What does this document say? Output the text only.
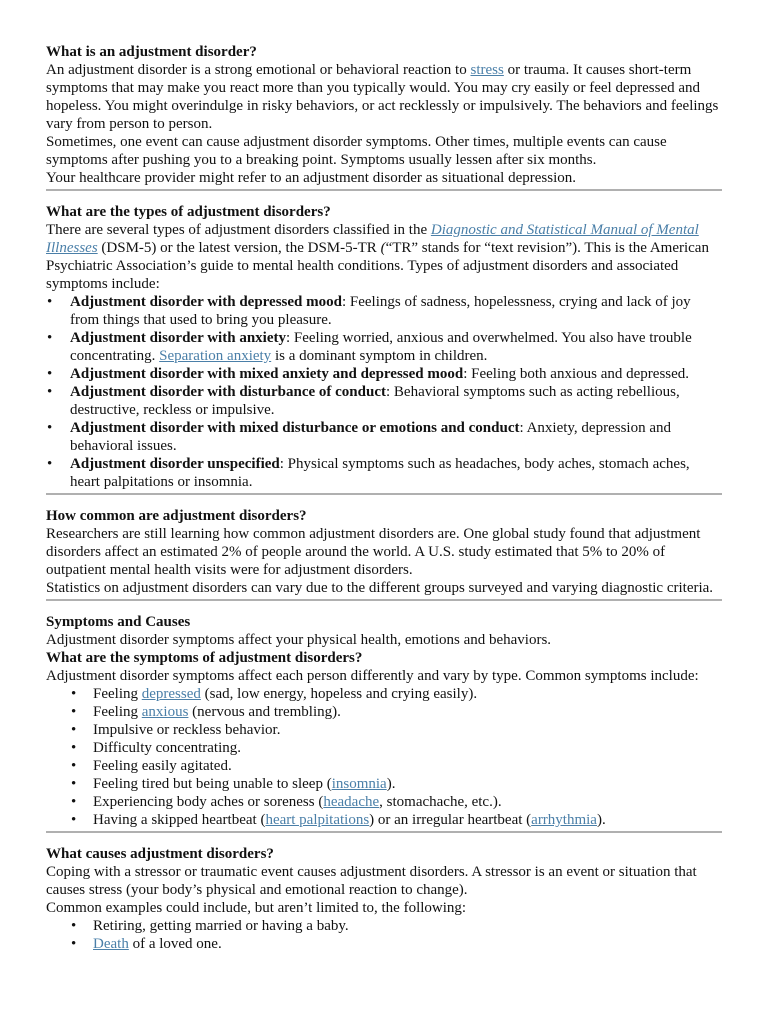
What is an adjustment disorder?
An adjustment disorder is a strong emotional or behavioral reaction to stress or trauma. It causes short-term symptoms that may make you react more than you typically would. You may cry easily or feel depressed and hopeless. You might overindulge in risky behaviors, or act recklessly or impulsively. The behaviors and feelings vary from person to person.
Sometimes, one event can cause adjustment disorder symptoms. Other times, multiple events can cause symptoms after pushing you to a breaking point. Symptoms usually lessen after six months.
Your healthcare provider might refer to an adjustment disorder as situational depression.
What are the types of adjustment disorders?
There are several types of adjustment disorders classified in the Diagnostic and Statistical Manual of Mental Illnesses (DSM-5) or the latest version, the DSM-5-TR (“TR” stands for “text revision”). This is the American Psychiatric Association’s guide to mental health conditions. Types of adjustment disorders and associated symptoms include:
• Adjustment disorder with depressed mood: Feelings of sadness, hopelessness, crying and lack of joy from things that used to bring you pleasure.
• Adjustment disorder with anxiety: Feeling worried, anxious and overwhelmed. You also have trouble concentrating. Separation anxiety is a dominant symptom in children.
• Adjustment disorder with mixed anxiety and depressed mood: Feeling both anxious and depressed.
• Adjustment disorder with disturbance of conduct: Behavioral symptoms such as acting rebellious, destructive, reckless or impulsive.
• Adjustment disorder with mixed disturbance or emotions and conduct: Anxiety, depression and behavioral issues.
• Adjustment disorder unspecified: Physical symptoms such as headaches, body aches, stomach aches, heart palpitations or insomnia.
How common are adjustment disorders?
Researchers are still learning how common adjustment disorders are. One global study found that adjustment disorders affect an estimated 2% of people around the world. A U.S. study estimated that 5% to 20% of outpatient mental health visits were for adjustment disorders.
Statistics on adjustment disorders can vary due to the different groups surveyed and varying diagnostic criteria.
Symptoms and Causes
Adjustment disorder symptoms affect your physical health, emotions and behaviors.
What are the symptoms of adjustment disorders?
Adjustment disorder symptoms affect each person differently and vary by type. Common symptoms include:
• Feeling depressed (sad, low energy, hopeless and crying easily).
• Feeling anxious (nervous and trembling).
• Impulsive or reckless behavior.
• Difficulty concentrating.
• Feeling easily agitated.
• Feeling tired but being unable to sleep (insomnia).
• Experiencing body aches or soreness (headache, stomachache, etc.).
• Having a skipped heartbeat (heart palpitations) or an irregular heartbeat (arrhythmia).
What causes adjustment disorders?
Coping with a stressor or traumatic event causes adjustment disorders. A stressor is an event or situation that causes stress (your body’s physical and emotional reaction to change).
Common examples could include, but aren’t limited to, the following:
• Retiring, getting married or having a baby.
• Death of a loved one.
